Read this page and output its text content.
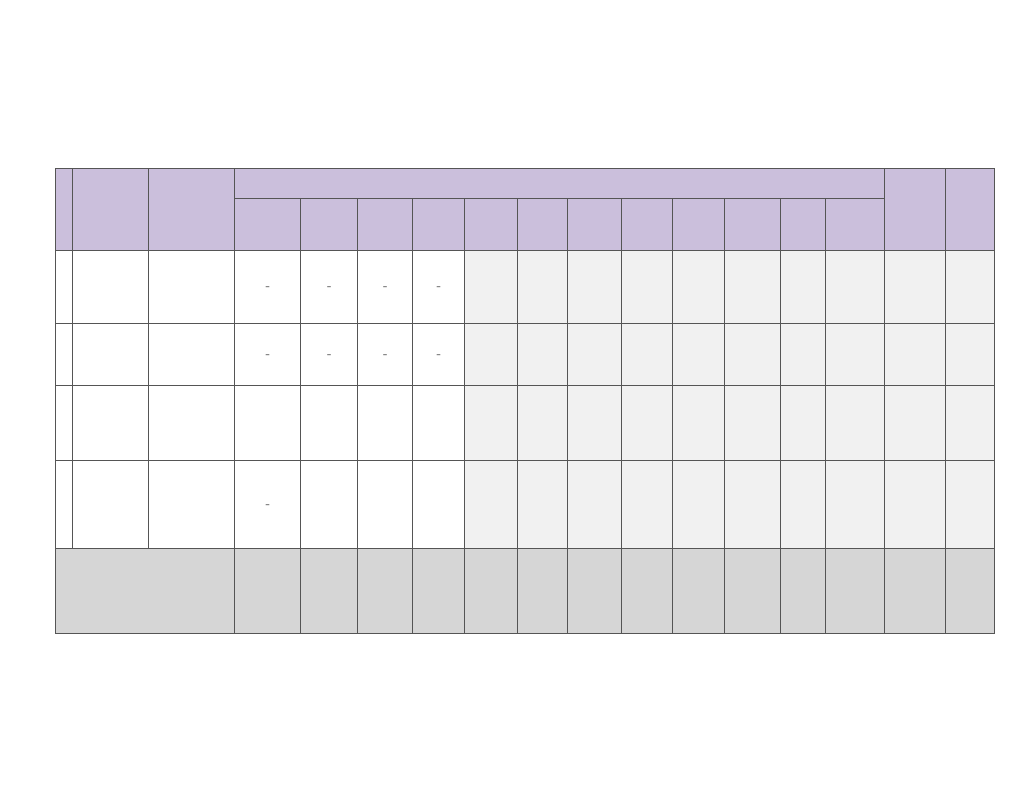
			–	–	–	–										
			–	–	–	–										

			–													
